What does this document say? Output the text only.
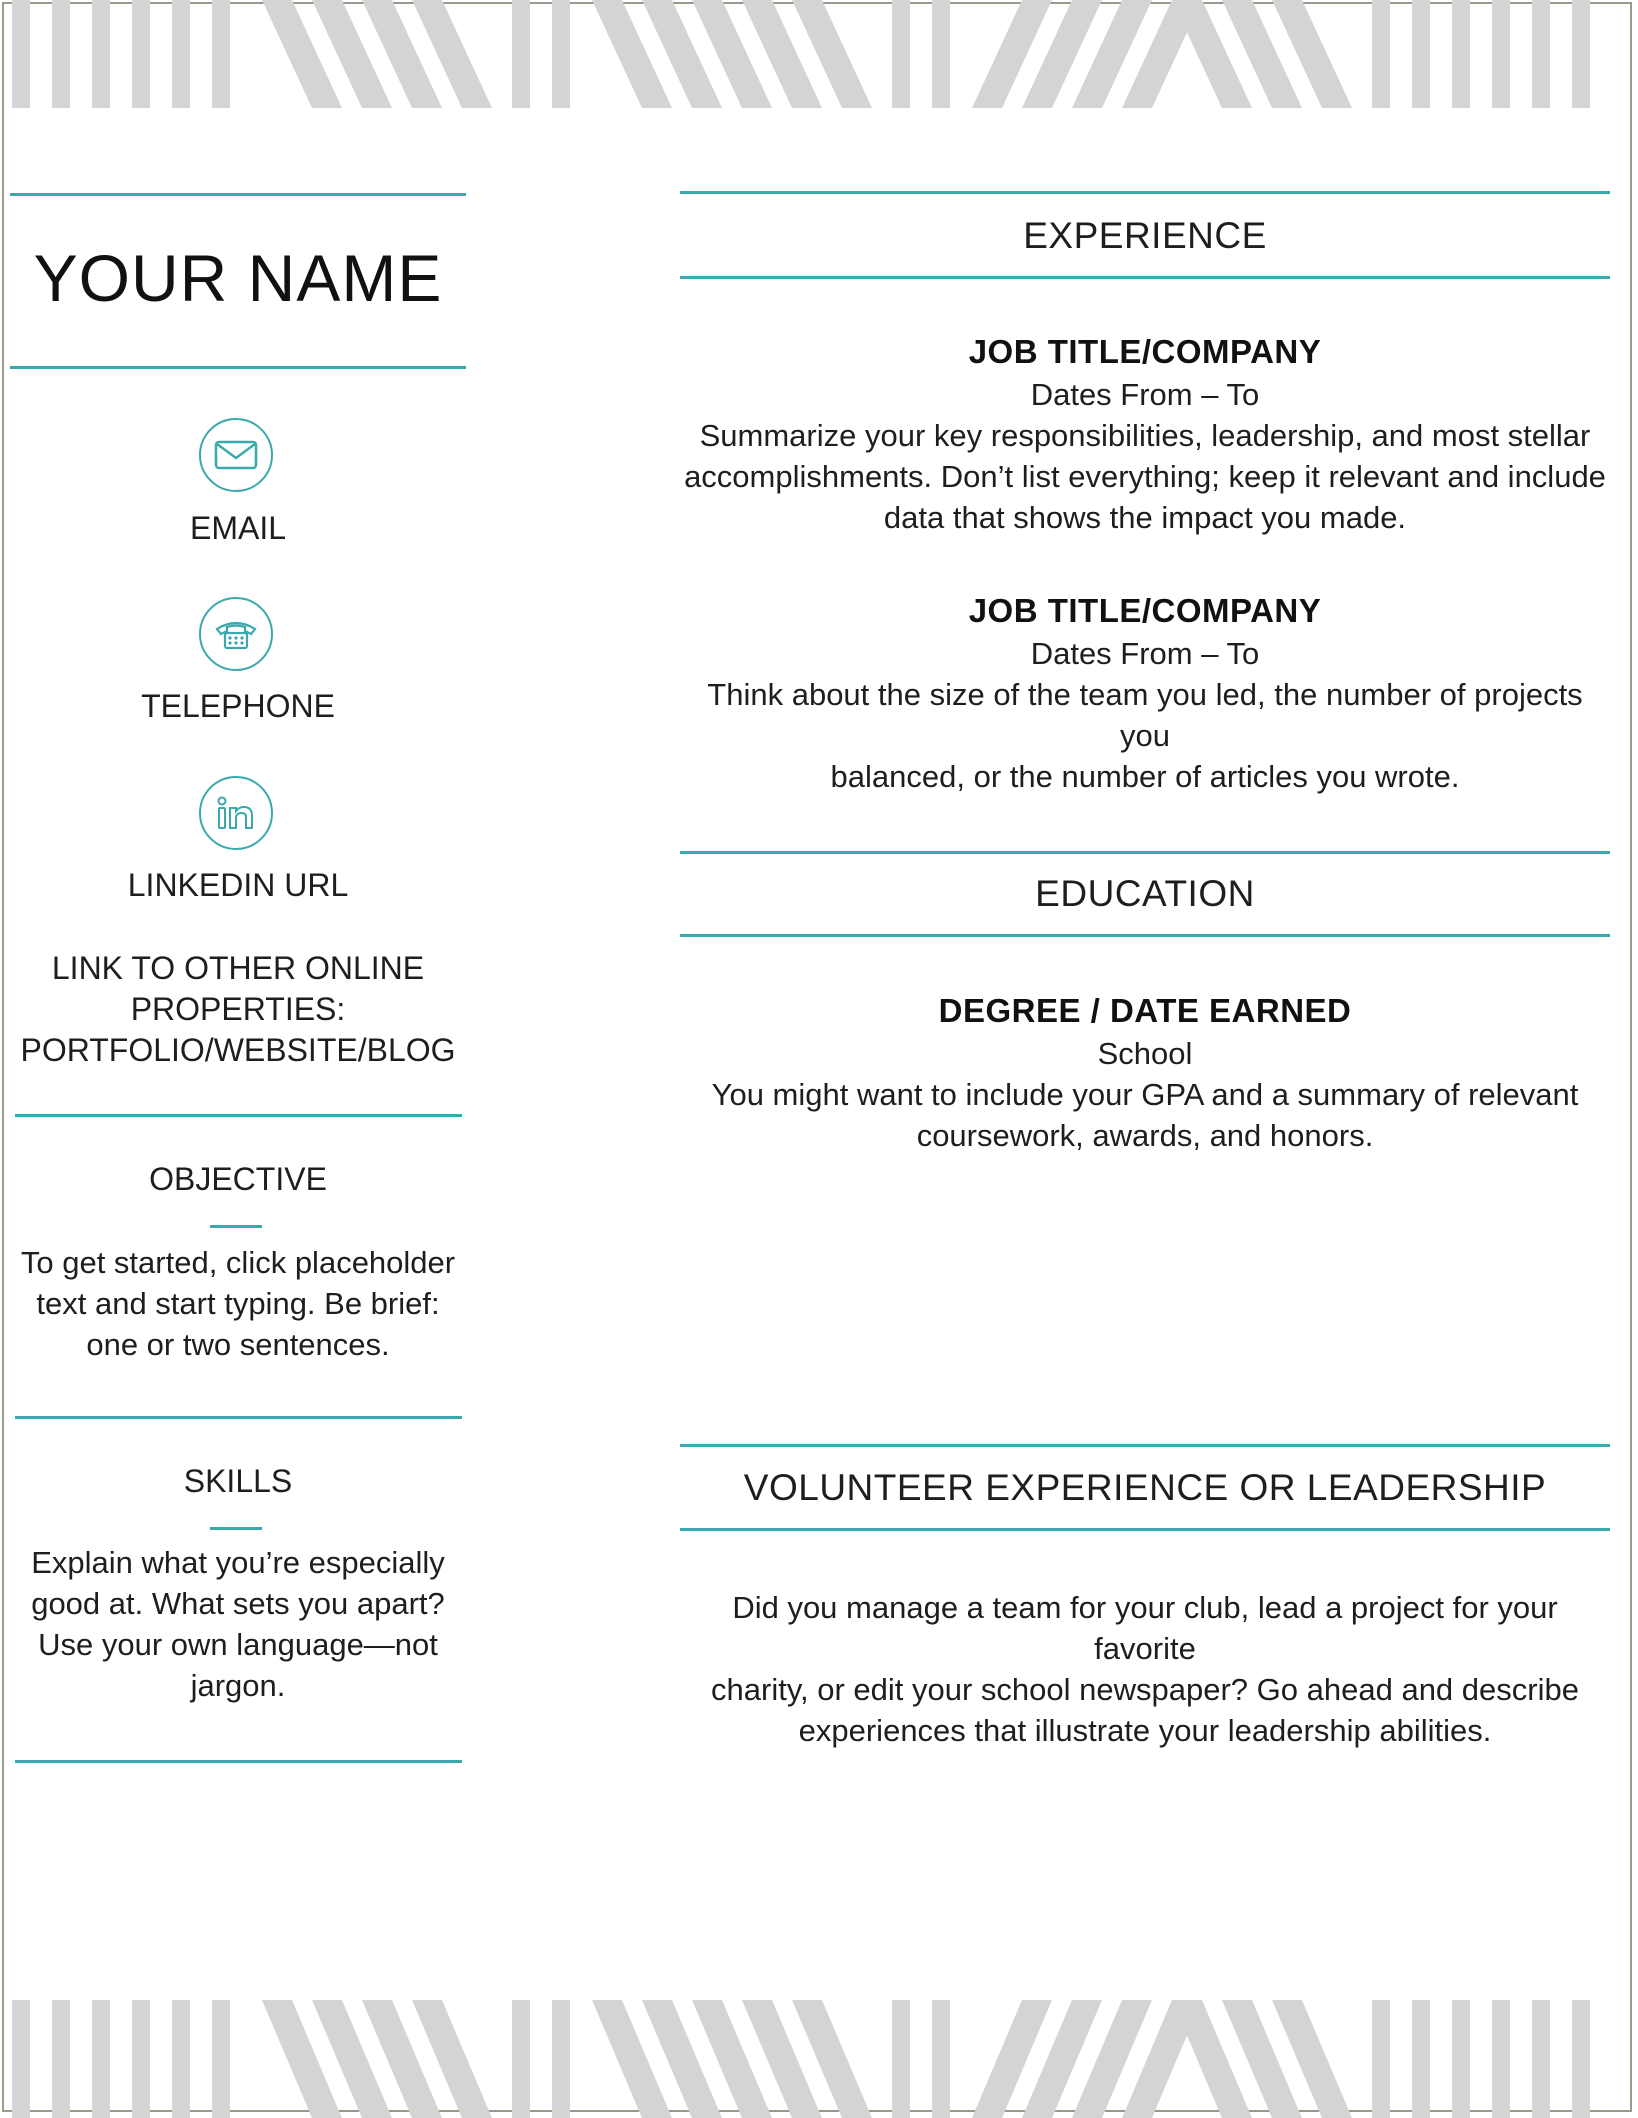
YOUR NAME
EMAIL
TELEPHONE
LINKEDIN URL
LINK TO OTHER ONLINE
PROPERTIES:
PORTFOLIO/WEBSITE/BLOG
OBJECTIVE
To get started, click placeholder
text and start typing. Be brief:
one or two sentences.
SKILLS
Explain what you’re especially
good at. What sets you apart?
Use your own language—not
jargon.
EXPERIENCE
JOB TITLE/COMPANY
Dates From – To
Summarize your key responsibilities, leadership, and most stellar
accomplishments. Don’t list everything; keep it relevant and include
data that shows the impact you made.
JOB TITLE/COMPANY
Dates From – To
Think about the size of the team you led, the number of projects you
balanced, or the number of articles you wrote.
EDUCATION
DEGREE / DATE EARNED
School
You might want to include your GPA and a summary of relevant
coursework, awards, and honors.
VOLUNTEER EXPERIENCE OR LEADERSHIP
Did you manage a team for your club, lead a project for your favorite
charity, or edit your school newspaper? Go ahead and describe
experiences that illustrate your leadership abilities.
